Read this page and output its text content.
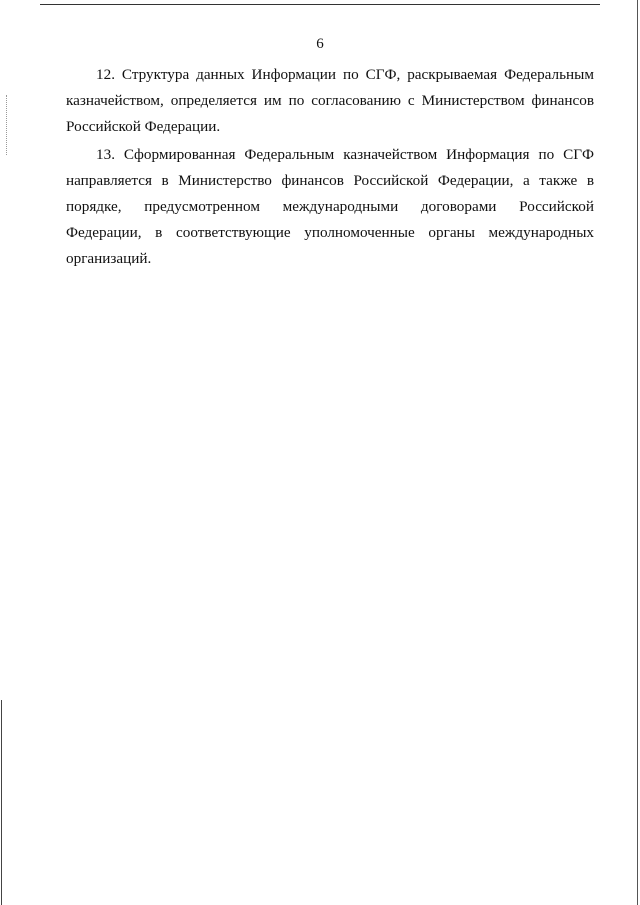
6

12. Структура данных Информации по СГФ, раскрываемая Федеральным казначейством, определяется им по согласованию с Министерством финансов Российской Федерации.

13. Сформированная Федеральным казначейством Информация по СГФ направляется в Министерство финансов Российской Федерации, а также в порядке, предусмотренном международными договорами Российской Федерации, в соответствующие уполномоченные органы международных организаций.
